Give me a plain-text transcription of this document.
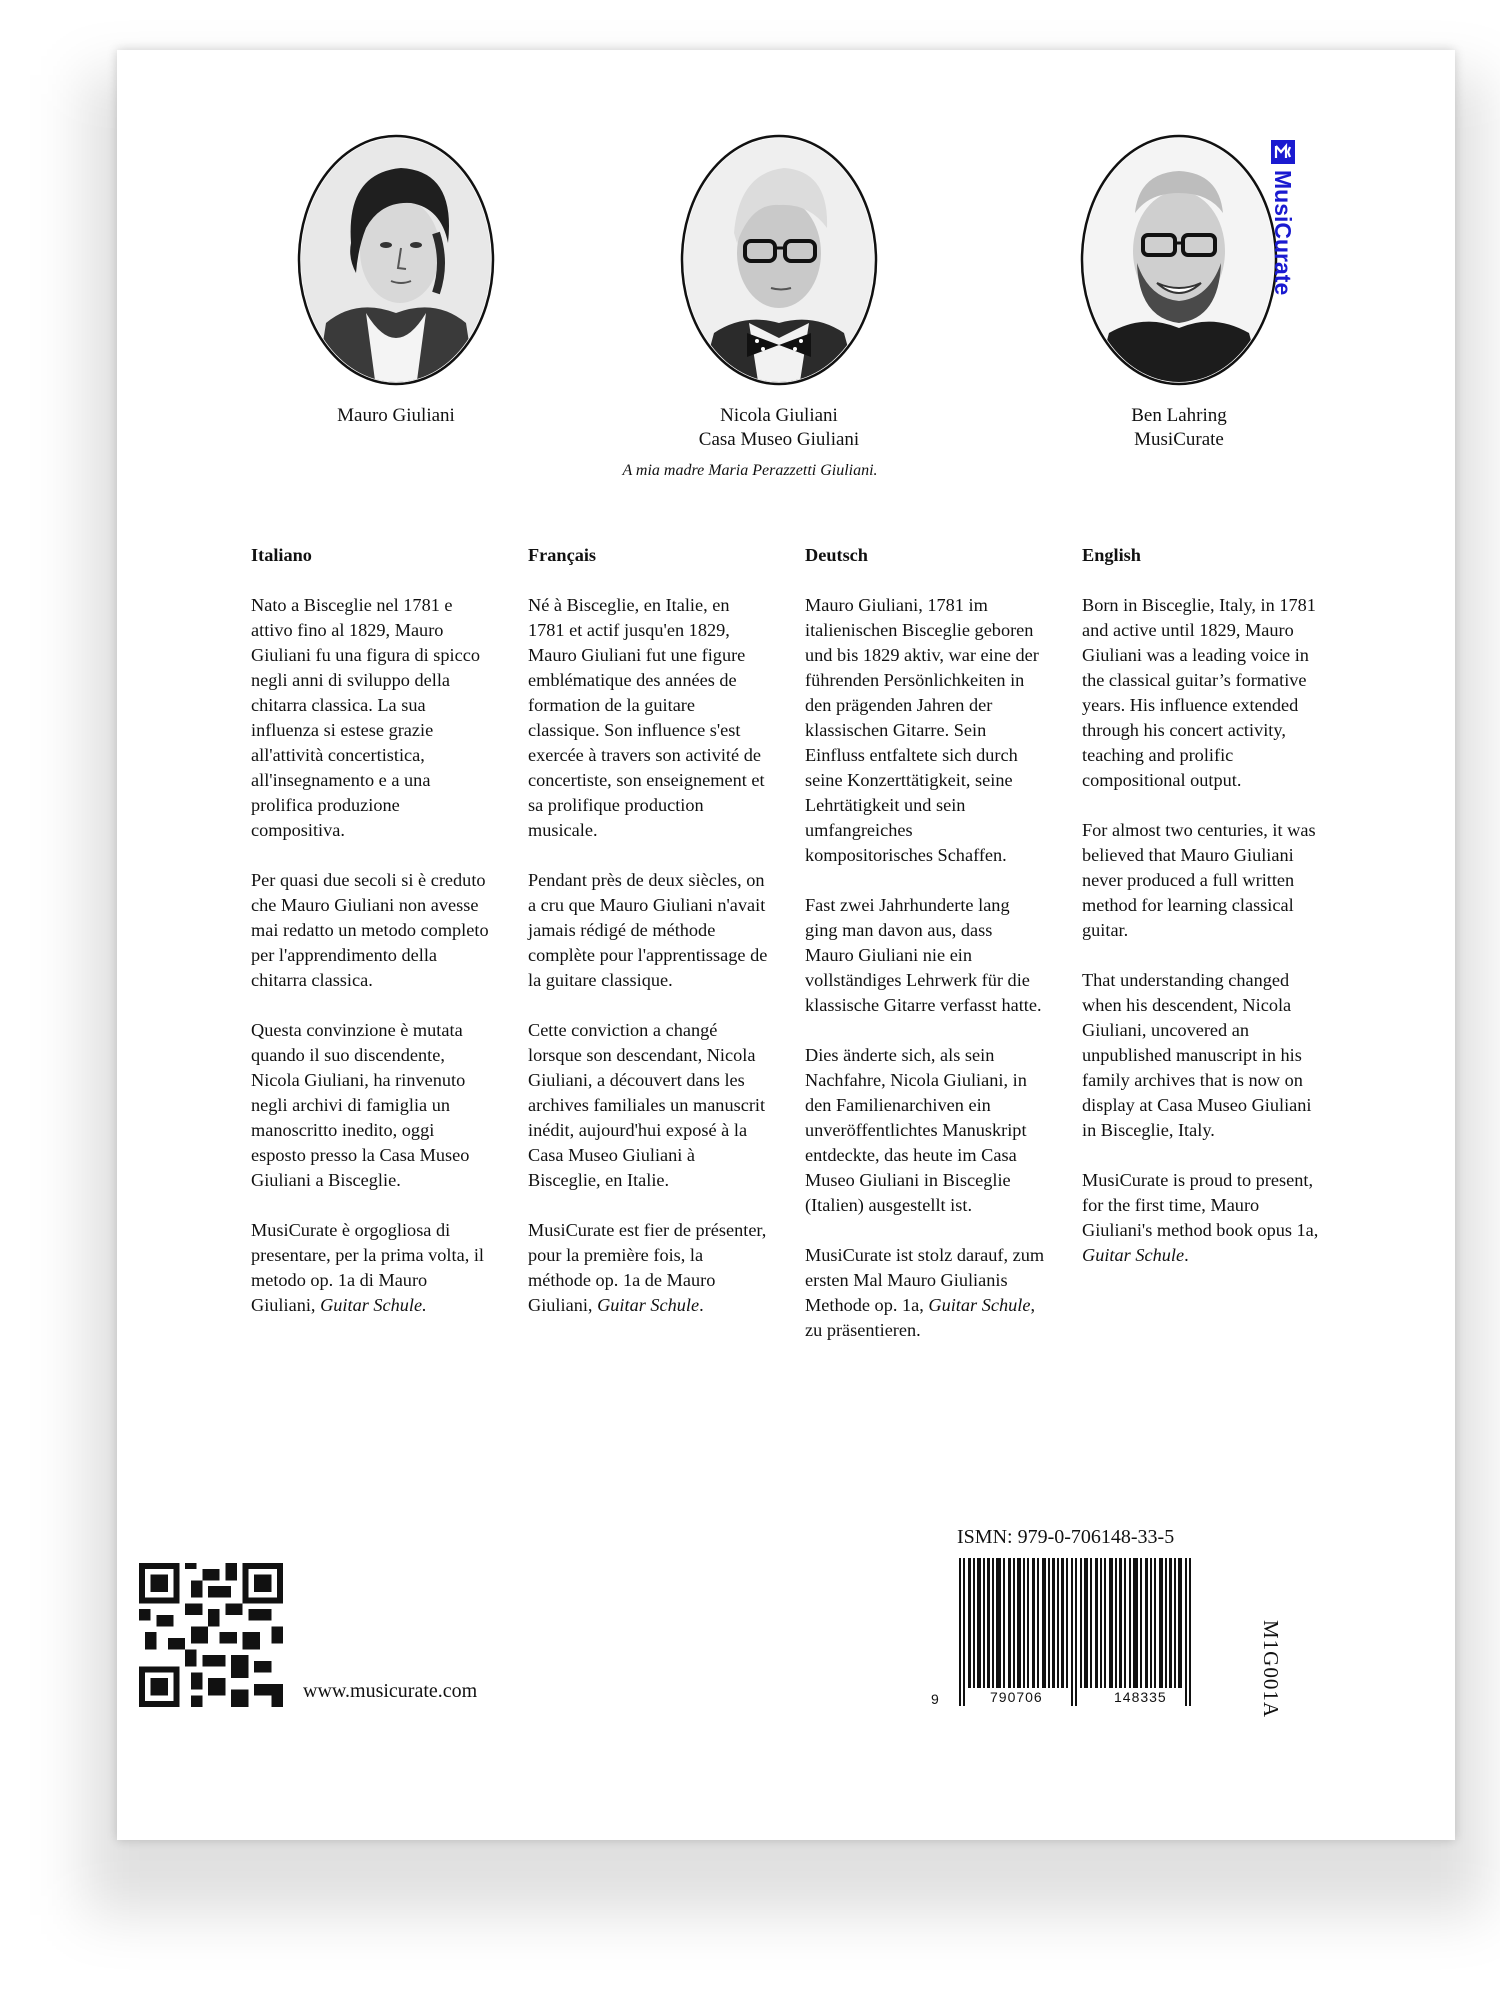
Mauro Giuliani	Nicola Giuliani
Casa Museo Giuliani
Ben Lahring
MusiCurate
A mia madre Maria Perazzetti Giuliani.
MusiCurate
Italiano

Nato a Bisceglie nel 1781 e attivo fino al 1829, Mauro Giuliani fu una figura di spicco negli anni di sviluppo della chitarra classica. La sua influenza si estese grazie all'attività concertistica, all'insegnamento e a una prolifica produzione compositiva.

Per quasi due secoli si è creduto che Mauro Giuliani non avesse mai redatto un metodo completo per l'apprendimento della chitarra classica.

Questa convinzione è mutata quando il suo discendente, Nicola Giuliani, ha rinvenuto negli archivi di famiglia un manoscritto inedito, oggi esposto presso la Casa Museo Giuliani a Bisceglie.

MusiCurate è orgogliosa di presentare, per la prima volta, il metodo op. 1a di Mauro Giuliani, Guitar Schule.

Français

Né à Bisceglie, en Italie, en 1781 et actif jusqu'en 1829, Mauro Giuliani fut une figure emblématique des années de formation de la guitare classique. Son influence s'est exercée à travers son activité de concertiste, son enseignement et sa prolifique production musicale.

Pendant près de deux siècles, on a cru que Mauro Giuliani n'avait jamais rédigé de méthode complète pour l'apprentissage de la guitare classique.

Cette conviction a changé lorsque son descendant, Nicola Giuliani, a découvert dans les archives familiales un manuscrit inédit, aujourd'hui exposé à la Casa Museo Giuliani à Bisceglie, en Italie.

MusiCurate est fier de présenter, pour la première fois, la méthode op. 1a de Mauro Giuliani, Guitar Schule.

Deutsch

Mauro Giuliani, 1781 im italienischen Bisceglie geboren und bis 1829 aktiv, war eine der führenden Persönlichkeiten in den prägenden Jahren der klassischen Gitarre. Sein Einfluss entfaltete sich durch seine Konzerttätigkeit, seine Lehrtätigkeit und sein umfangreiches kompositorisches Schaffen.

Fast zwei Jahrhunderte lang ging man davon aus, dass Mauro Giuliani nie ein vollständiges Lehrwerk für die klassische Gitarre verfasst hatte.

Dies änderte sich, als sein Nachfahre, Nicola Giuliani, in den Familienarchiven ein unveröffentlichtes Manuskript entdeckte, das heute im Casa Museo Giuliani in Bisceglie (Italien) ausgestellt ist.

MusiCurate ist stolz darauf, zum ersten Mal Mauro Giulianis Methode op. 1a, Guitar Schule, zu präsentieren.

English

Born in Bisceglie, Italy, in 1781 and active until 1829, Mauro Giuliani was a leading voice in the classical guitar’s formative years. His influence extended through his concert activity, teaching and prolific compositional output.

For almost two centuries, it was believed that Mauro Giuliani never produced a full written method for learning classical guitar.

That understanding changed when his descendent, Nicola Giuliani, uncovered an unpublished manuscript in his family archives that is now on display at Casa Museo Giuliani in Bisceglie, Italy.

MusiCurate is proud to present, for the first time, Mauro Giuliani's method book opus 1a, Guitar Schule.

www.musicurate.com
ISMN: 979-0-706148-33-5
9	790706	148335	M1G001A
